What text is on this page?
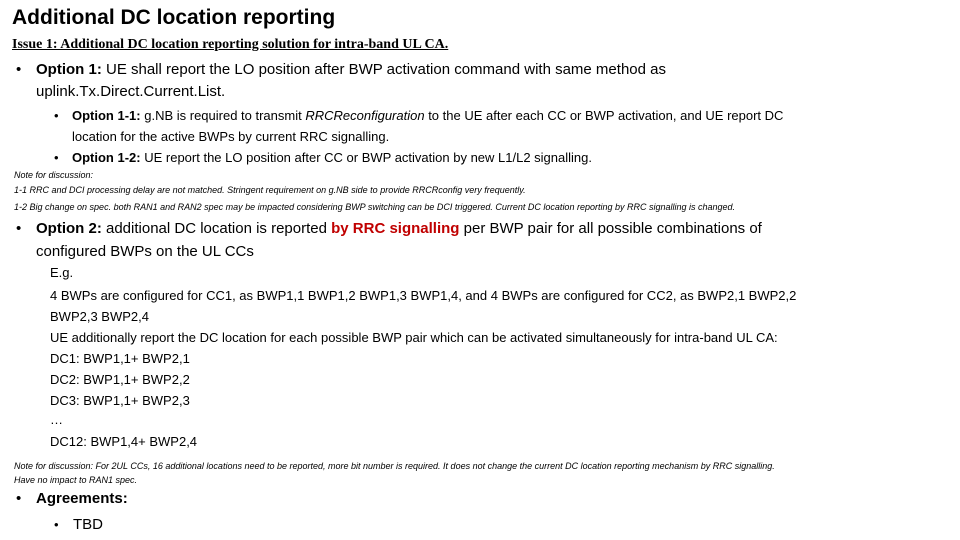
Additional DC location reporting
Issue 1: Additional DC location reporting solution for intra-band UL CA.
• Option 1: UE shall report the LO position after BWP activation command with same method as
uplink.Tx.Direct.Current.List.
• Option 1-1: g.NB is required to transmit RRCReconfiguration to the UE after each CC or BWP activation, and UE report DC
location for the active BWPs by current RRC signalling.
• Option 1-2: UE report the LO position after CC or BWP activation by new L1/L2 signalling.
Note for discussion:
1-1 RRC and DCI processing delay are not matched. Stringent requirement on g.NB side to provide RRCRconfig very frequently.
1-2 Big change on spec. both RAN1 and RAN2 spec may be impacted considering BWP switching can be DCI triggered. Current DC location reporting by RRC signalling is changed.
• Option 2: additional DC location is reported by RRC signalling per BWP pair for all possible combinations of
configured BWPs on the UL CCs
E.g.
4 BWPs are configured for CC1, as BWP1,1 BWP1,2 BWP1,3 BWP1,4, and 4 BWPs are configured for CC2, as BWP2,1 BWP2,2
BWP2,3 BWP2,4
UE additionally report the DC location for each possible BWP pair which can be activated simultaneously for intra-band UL CA:
DC1: BWP1,1+ BWP2,1
DC2: BWP1,1+ BWP2,2
DC3: BWP1,1+ BWP2,3
…
DC12: BWP1,4+ BWP2,4
Note for discussion: For 2UL CCs, 16 additional locations need to be reported, more bit number is required. It does not change the current DC location reporting mechanism by RRC signalling.
Have no impact to RAN1 spec.
• Agreements:
• TBD
